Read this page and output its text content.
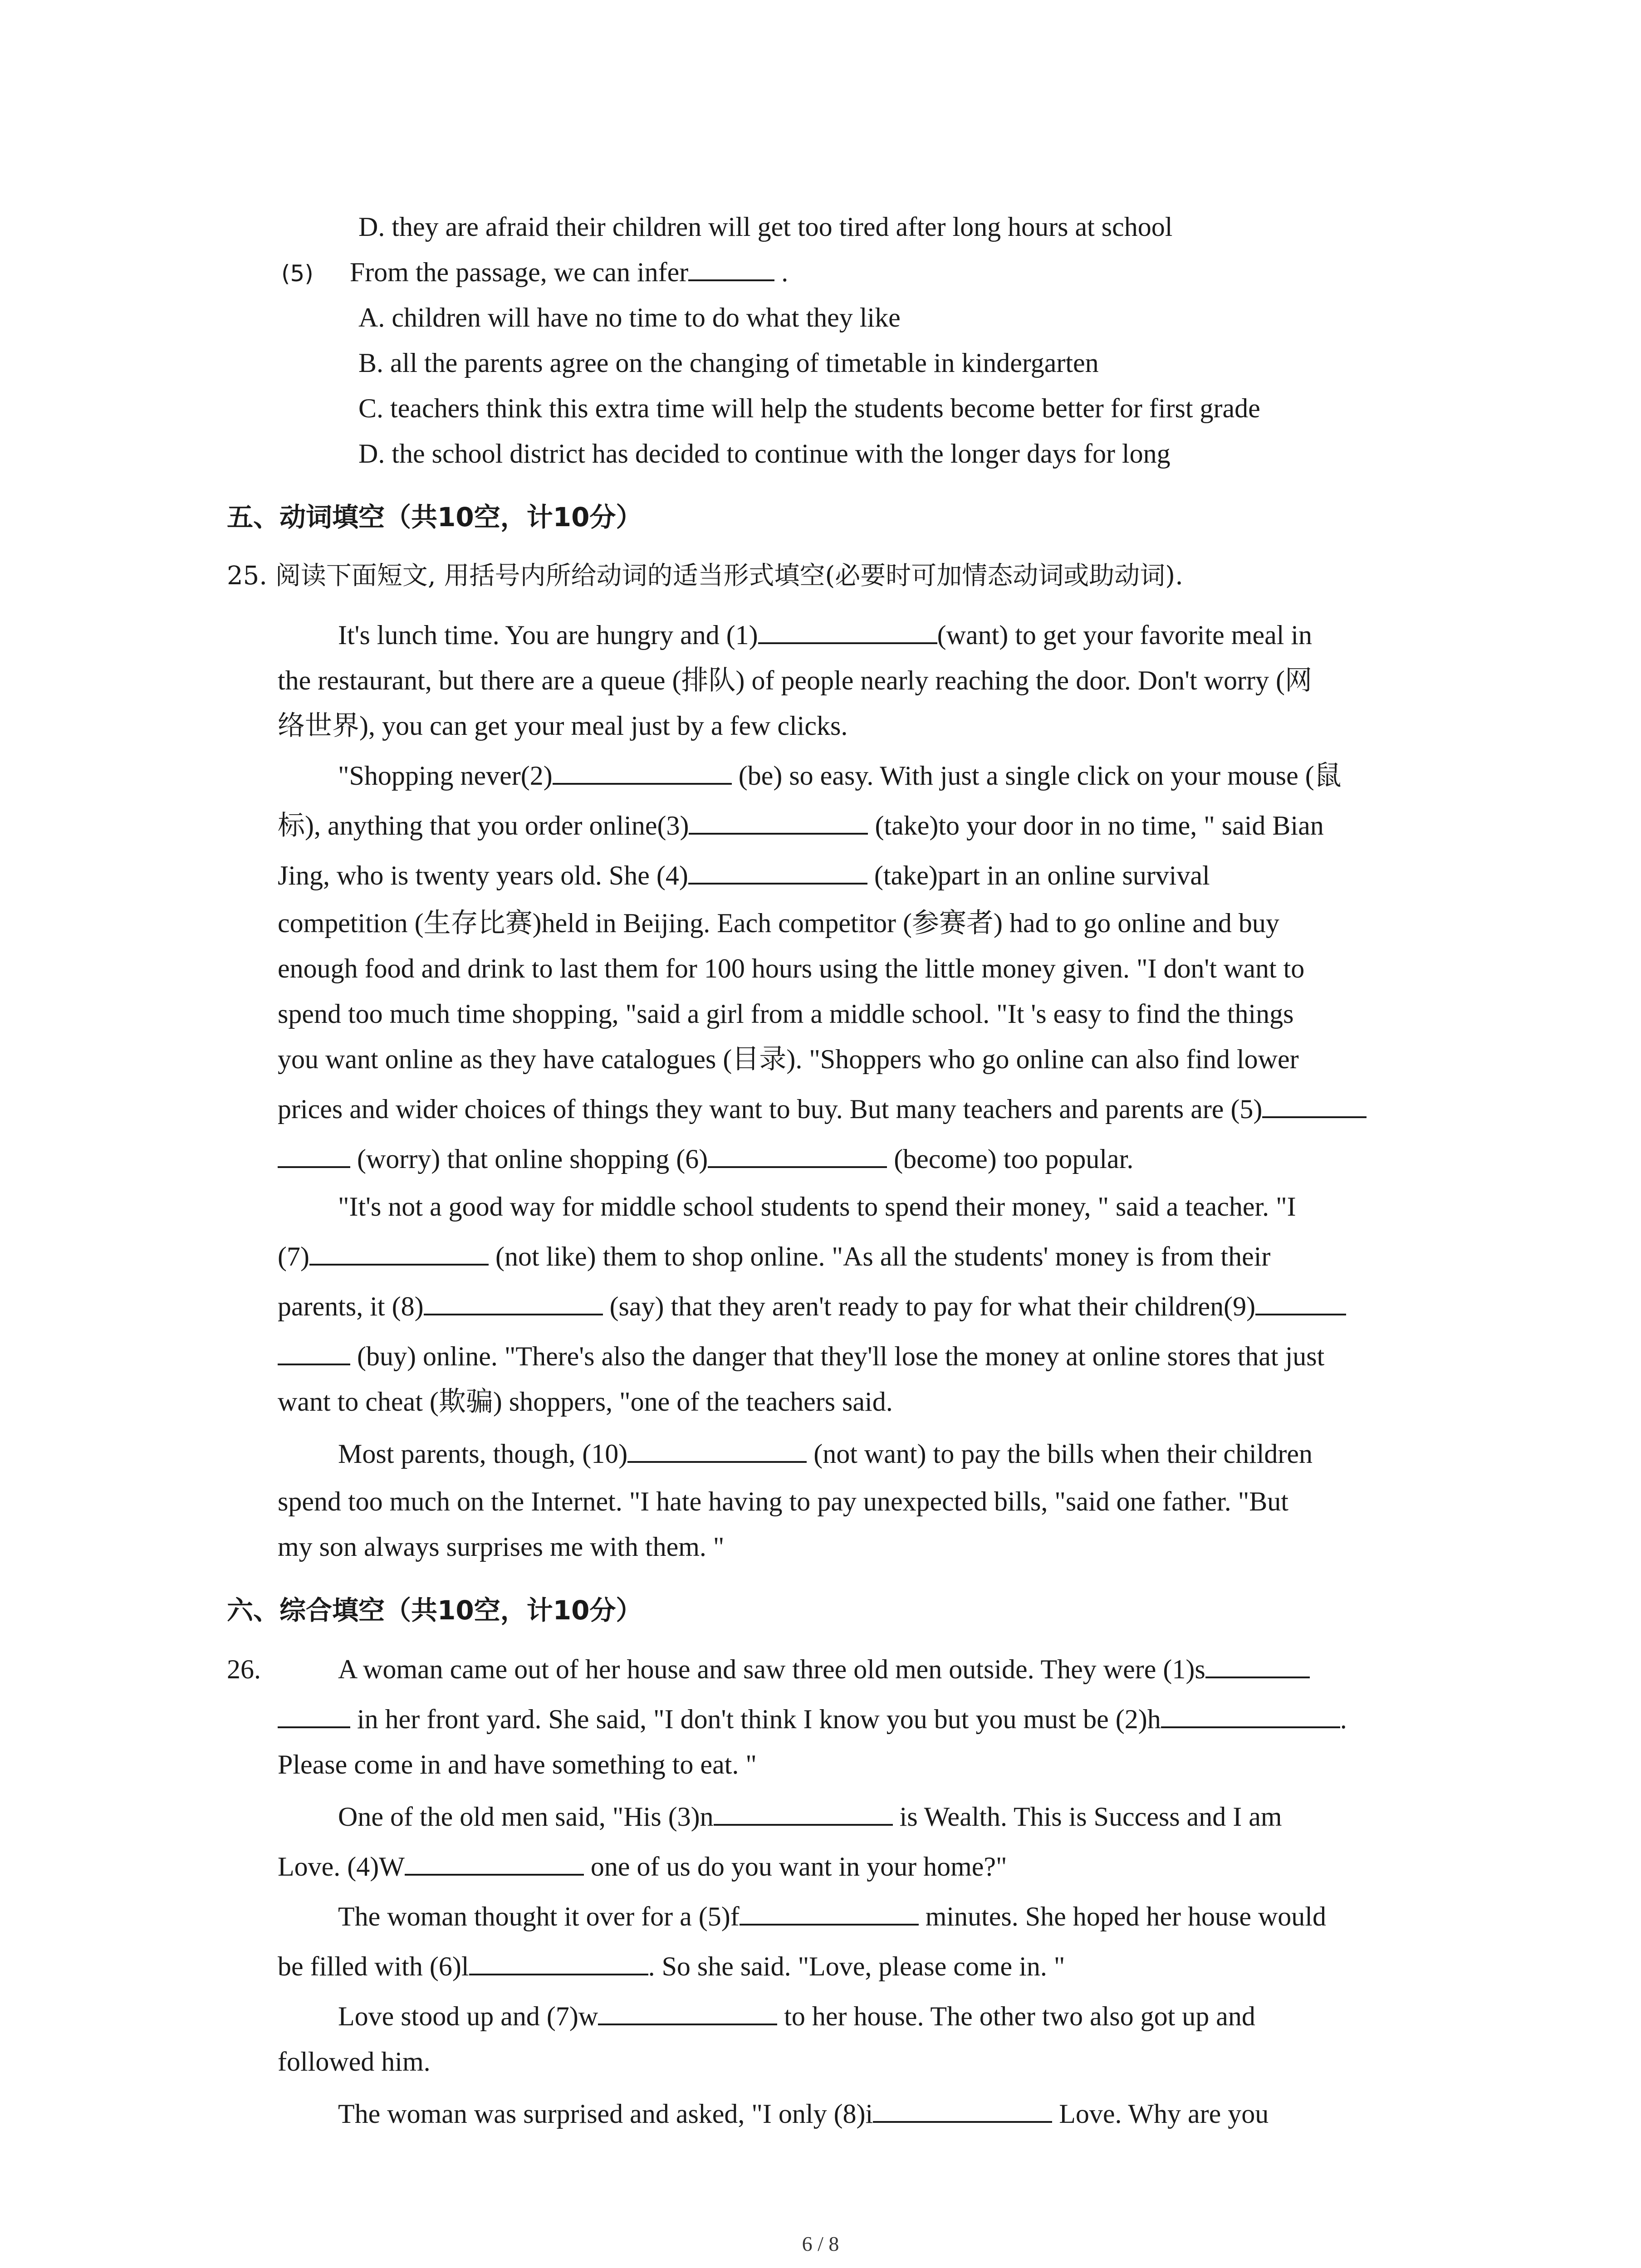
D. they are afraid their children will get too tired after long hours at school
(5) From the passage, we can infer	.
A. children will have no time to do what they like
B. all the parents agree on the changing of timetable in kindergarten
C. teachers think this extra time will help the students become better for first grade
D. the school district has decided to continue with the longer days for long
五、动词填空（共10空，计10分）
25. 阅读下面短文, 用括号内所给动词的适当形式填空(必要时可加情态动词或助动词).
It's lunch time. You are hungry and (1)	(want) to get your favorite meal in
the restaurant, but there are a queue (排队) of people nearly reaching the door. Don't worry (网
络世界), you can get your meal just by a few clicks.
"Shopping never(2)	(be) so easy. With just a single click on your mouse (鼠
标), anything that you order online(3)	(take)to your door in no time, " said Bian
Jing, who is twenty years old. She (4)	(take)part in an online survival
competition (生存比赛)held in Beijing. Each competitor (参赛者) had to go online and buy
enough food and drink to last them for 100 hours using the little money given. "I don't want to
spend too much time shopping, "said a girl from a middle school. "It 's easy to find the things
you want online as they have catalogues (目录). "Shoppers who go online can also find lower
prices and wider choices of things they want to buy. But many teachers and parents are (5)
(worry) that online shopping (6)	(become) too popular.
"It's not a good way for middle school students to spend their money, " said a teacher. "I
(7)	(not like) them to shop online. "As all the students' money is from their
parents, it (8)	(say) that they aren't ready to pay for what their children(9)
(buy) online. "There's also the danger that they'll lose the money at online stores that just
want to cheat (欺骗) shoppers, "one of the teachers said.
Most parents, though, (10)	(not want) to pay the bills when their children
spend too much on the Internet. "I hate having to pay unexpected bills, "said one father. "But
my son always surprises me with them. "
六、综合填空（共10空，计10分）
26.	A woman came out of her house and saw three old men outside. They were (1)s
in her front yard. She said, "I don't think I know you but you must be (2)h	.
Please come in and have something to eat. "
One of the old men said, "His (3)n	is Wealth. This is Success and I am
Love. (4)W	one of us do you want in your home?"
The woman thought it over for a (5)f	minutes. She hoped her house would
be filled with (6)l	. So she said. "Love, please come in. "
Love stood up and (7)w	to her house. The other two also got up and
followed him.
The woman was surprised and asked, "I only (8)i	Love. Why are you
6 / 8
